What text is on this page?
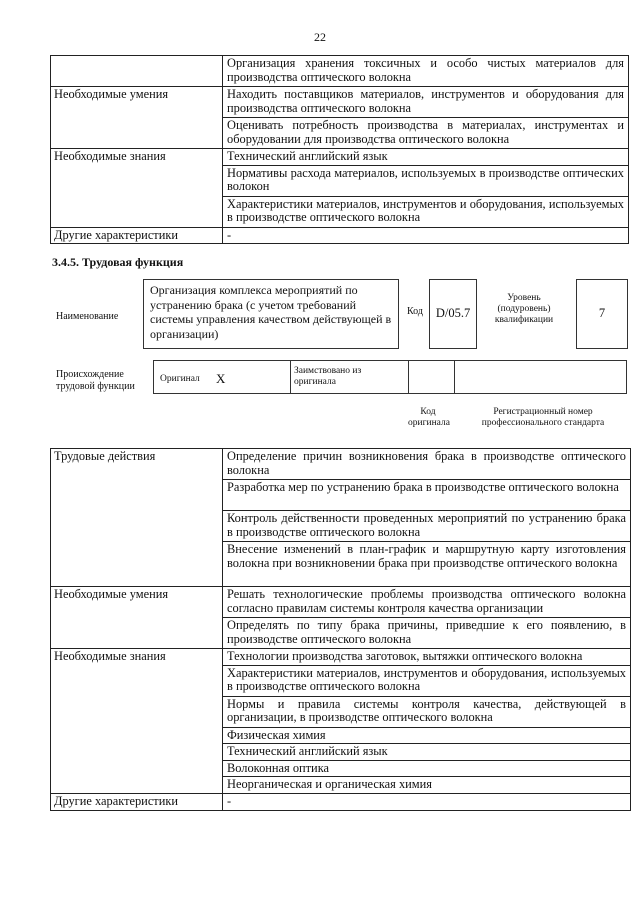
22
	Организация хранения токсичных и особо чистых материалов для производства оптического волокна
Необходимые умения	Находить поставщиков материалов, инструментов и оборудования для производства оптического волокна
	Оценивать потребность производства в материалах, инструментах и оборудовании для производства оптического волокна
Необходимые знания	Технический английский язык
	Нормативы расхода материалов, используемых в производстве оптических волокон
	Характеристики материалов, инструментов и оборудования, используемых в производстве оптического волокна
Другие характеристики	-
3.4.5. Трудовая функция
Наименование
Организация комплекса мероприятий по устранению брака (с учетом требований системы управления качеством действующей в организации)
Код	D/05.7
Уровень (подуровень) квалификации	7
Происхождение трудовой функции
Оригинал X	Заимствовано из оригинала
Код оригинала
Регистрационный номер профессионального стандарта
Трудовые действия	Определение причин возникновения брака в производстве оптического волокна
	Разработка мер по устранению брака в производстве оптического волокна
	Контроль действенности проведенных мероприятий по устранению брака в производстве оптического волокна
	Внесение изменений в план-график и маршрутную карту изготовления волокна при возникновении брака при производстве оптического волокна
Необходимые умения	Решать технологические проблемы производства оптического волокна согласно правилам системы контроля качества организации
	Определять по типу брака причины, приведшие к его появлению, в производстве оптического волокна
Необходимые знания	Технологии производства заготовок, вытяжки оптического волокна
	Характеристики материалов, инструментов и оборудования, используемых в производстве оптического волокна
	Нормы и правила системы контроля качества, действующей в организации, в производстве оптического волокна
	Физическая химия
	Технический английский язык
	Волоконная оптика
	Неорганическая и органическая химия
Другие характеристики	-
